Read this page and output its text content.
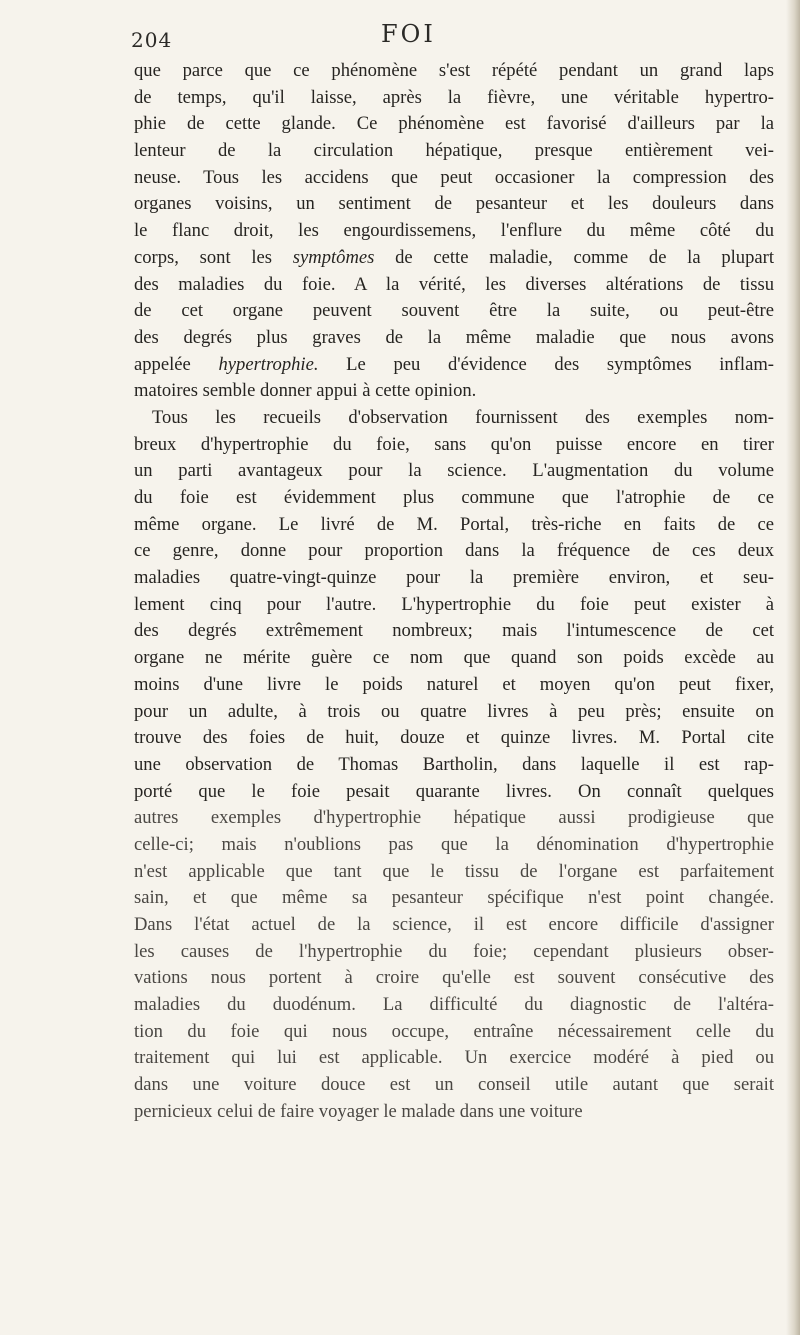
204	FOI
que parce que ce phénomène s'est répété pendant un grand laps
de temps, qu'il laisse, après la fièvre, une véritable hypertro-
phie de cette glande. Ce phénomène est favorisé d'ailleurs par la
lenteur de la circulation hépatique, presque entièrement vei-
neuse. Tous les accidens que peut occasioner la compression des
organes voisins, un sentiment de pesanteur et les douleurs dans
le flanc droit, les engourdissemens, l'enflure du même côté du
corps, sont les symptômes de cette maladie, comme de la plupart
des maladies du foie. A la vérité, les diverses altérations de tissu
de cet organe peuvent souvent être la suite, ou peut-être
des degrés plus graves de la même maladie que nous avons
appelée hypertrophie. Le peu d'évidence des symptômes inflam-
matoires semble donner appui à cette opinion.
Tous les recueils d'observation fournissent des exemples nom-
breux d'hypertrophie du foie, sans qu'on puisse encore en tirer
un parti avantageux pour la science. L'augmentation du volume
du foie est évidemment plus commune que l'atrophie de ce
même organe. Le livré de M. Portal, très-riche en faits de ce
ce genre, donne pour proportion dans la fréquence de ces deux
maladies quatre-vingt-quinze pour la première environ, et seu-
lement cinq pour l'autre. L'hypertrophie du foie peut exister à
des degrés extrêmement nombreux; mais l'intumescence de cet
organe ne mérite guère ce nom que quand son poids excède au
moins d'une livre le poids naturel et moyen qu'on peut fixer,
pour un adulte, à trois ou quatre livres à peu près; ensuite on
trouve des foies de huit, douze et quinze livres. M. Portal cite
une observation de Thomas Bartholin, dans laquelle il est rap-
porté que le foie pesait quarante livres. On connaît quelques
autres exemples d'hypertrophie hépatique aussi prodigieuse que
celle-ci; mais n'oublions pas que la dénomination d'hypertrophie
n'est applicable que tant que le tissu de l'organe est parfaitement
sain, et que même sa pesanteur spécifique n'est point changée.
Dans l'état actuel de la science, il est encore difficile d'assigner
les causes de l'hypertrophie du foie; cependant plusieurs obser-
vations nous portent à croire qu'elle est souvent consécutive des
maladies du duodénum. La difficulté du diagnostic de l'altéra-
tion du foie qui nous occupe, entraîne nécessairement celle du
traitement qui lui est applicable. Un exercice modéré à pied ou
dans une voiture douce est un conseil utile autant que serait
pernicieux celui de faire voyager le malade dans une voiture
